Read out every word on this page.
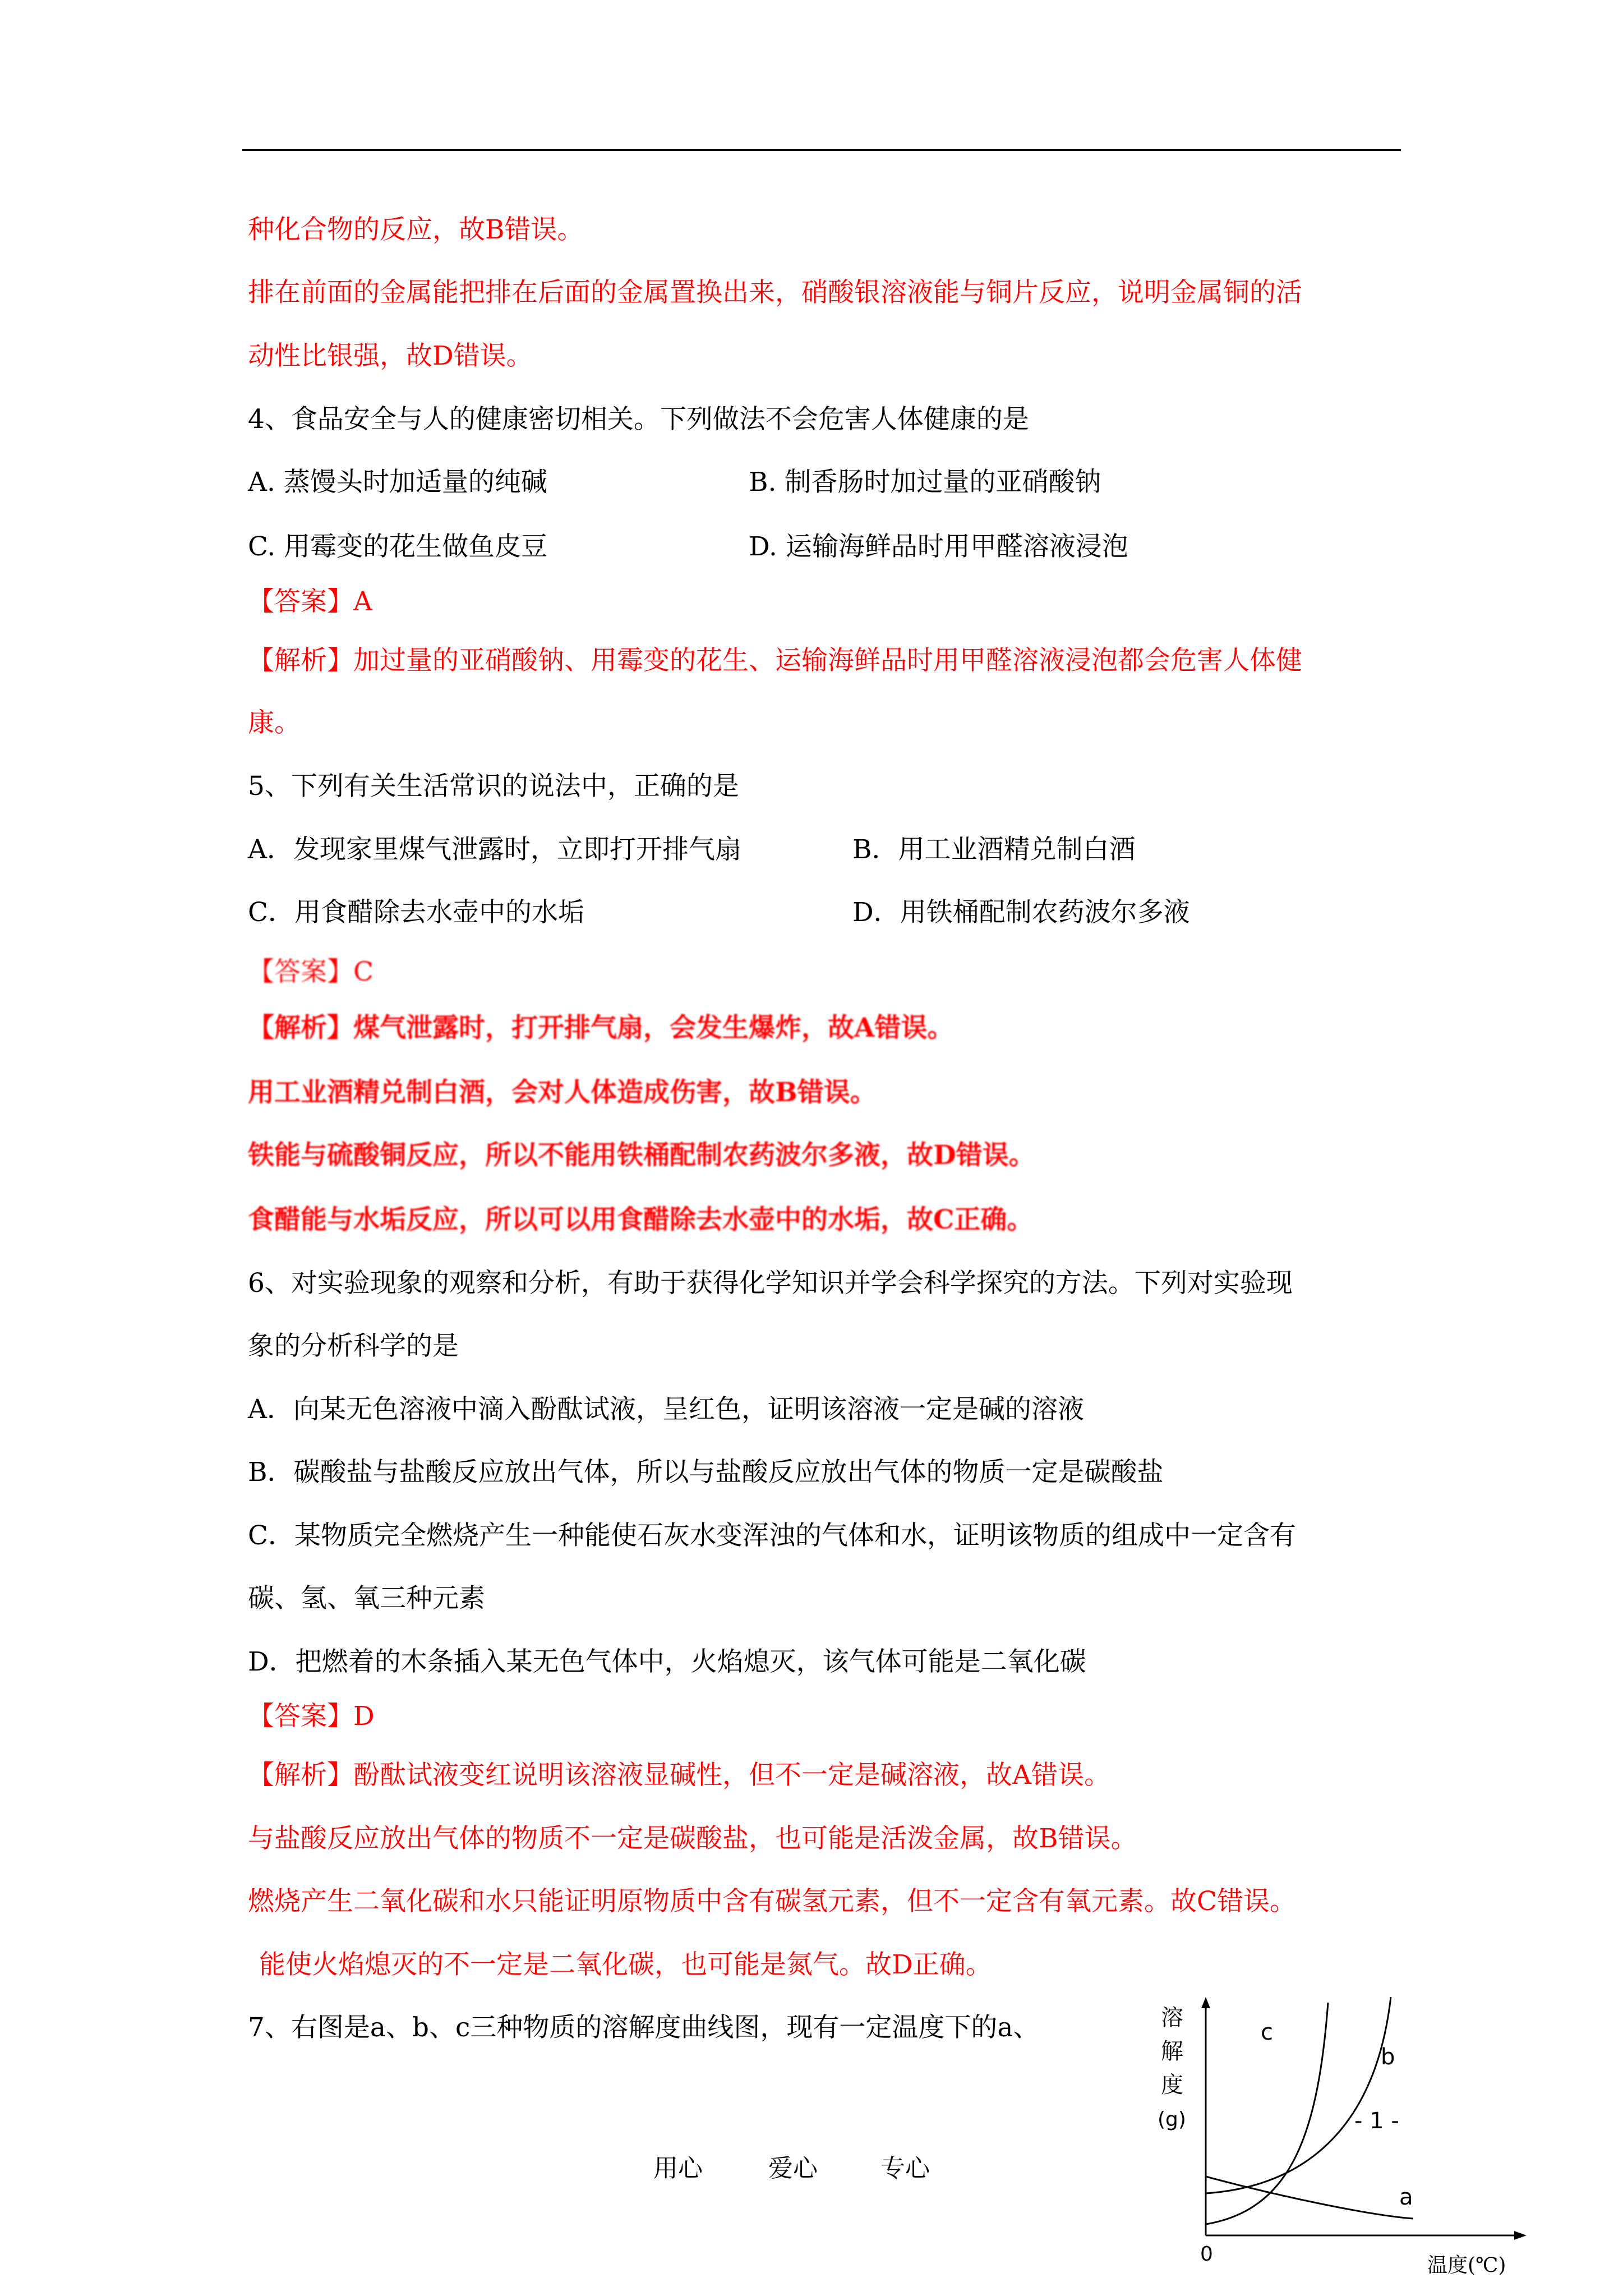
种化合物的反应，故B错误。
排在前面的金属能把排在后面的金属置换出来，硝酸银溶液能与铜片反应，说明金属铜的活
动性比银强，故D错误。
4、食品安全与人的健康密切相关。下列做法不会危害人体健康的是
A. 蒸馒头时加适量的纯碱	B. 制香肠时加过量的亚硝酸钠
C. 用霉变的花生做鱼皮豆	D. 运输海鲜品时用甲醛溶液浸泡
【答案】A
【解析】加过量的亚硝酸钠、用霉变的花生、运输海鲜品时用甲醛溶液浸泡都会危害人体健
康。
5、下列有关生活常识的说法中，正确的是
A．发现家里煤气泄露时，立即打开排气扇	B．用工业酒精兑制白酒
C．用食醋除去水壶中的水垢	D．用铁桶配制农药波尔多液
【答案】C
【解析】煤气泄露时，打开排气扇，会发生爆炸，故A错误。
用工业酒精兑制白酒，会对人体造成伤害，故B错误。
铁能与硫酸铜反应，所以不能用铁桶配制农药波尔多液，故D错误。
食醋能与水垢反应，所以可以用食醋除去水壶中的水垢，故C正确。
6、对实验现象的观察和分析，有助于获得化学知识并学会科学探究的方法。下列对实验现
象的分析科学的是
A．向某无色溶液中滴入酚酞试液，呈红色，证明该溶液一定是碱的溶液
B．碳酸盐与盐酸反应放出气体，所以与盐酸反应放出气体的物质一定是碳酸盐
C．某物质完全燃烧产生一种能使石灰水变浑浊的气体和水，证明该物质的组成中一定含有
碳、氢、氧三种元素
D．把燃着的木条插入某无色气体中，火焰熄灭，该气体可能是二氧化碳
【答案】D
【解析】酚酞试液变红说明该溶液显碱性，但不一定是碱溶液，故A错误。
与盐酸反应放出气体的物质不一定是碳酸盐，也可能是活泼金属，故B错误。
燃烧产生二氧化碳和水只能证明原物质中含有碳氢元素，但不一定含有氧元素。故C错误。
能使火焰熄灭的不一定是二氧化碳，也可能是氮气。故D正确。
7、右图是a、b、c三种物质的溶解度曲线图，现有一定温度下的a、	溶
解
度
(g)
c
b
a
0	温度(℃)
- 1 -
用心	爱心	专心
